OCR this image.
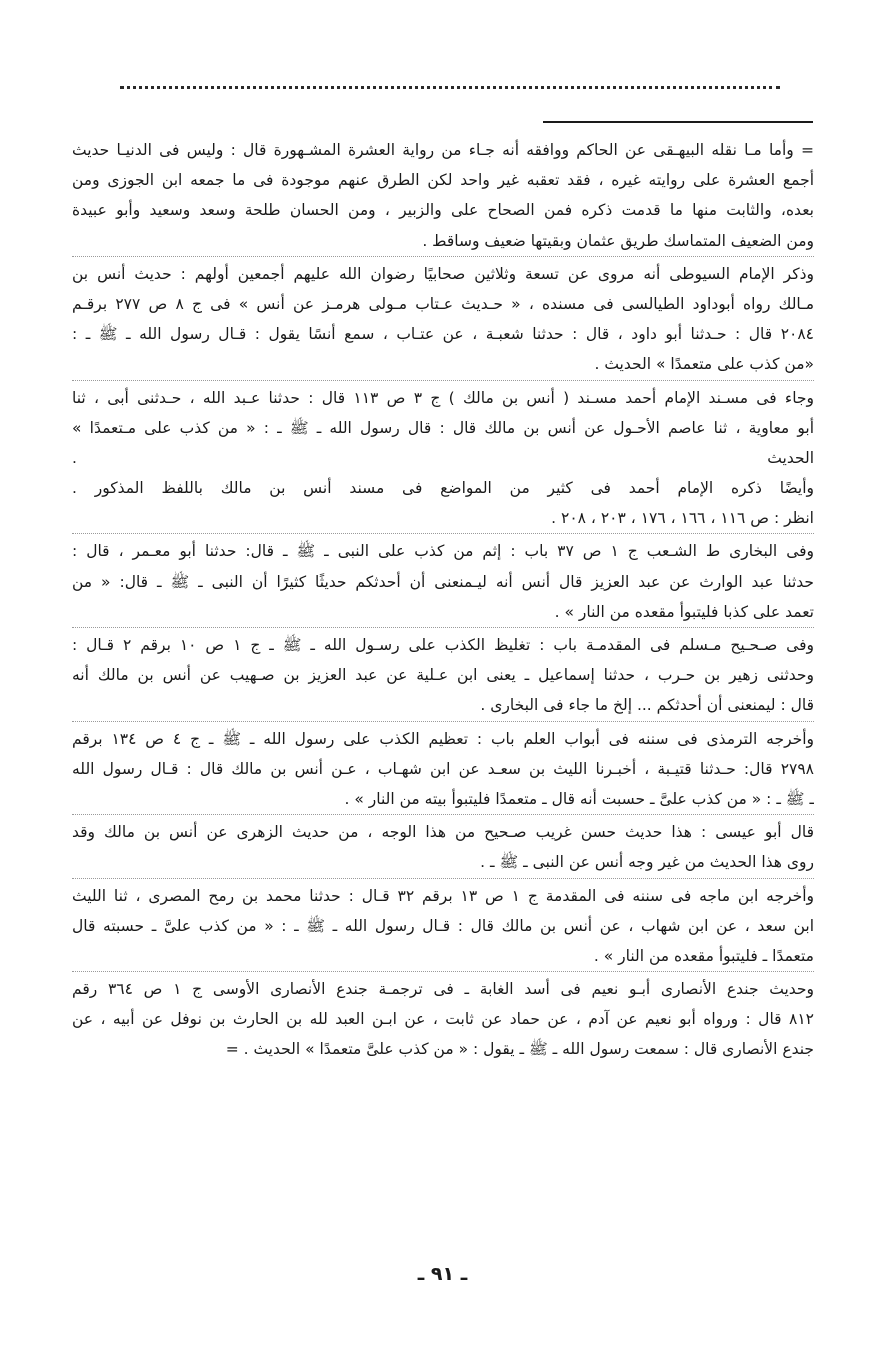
= وأما مـا نقله البيهـقى عن الحاكم ووافقه أنه جـاء من رواية العشرة المشـهورة قال : وليس فى الدنيـا حديث
أجمع العشرة على روايته غيره ، فقد تعقبه غير واحد لكن الطرق عنهم موجودة فى ما جمعه ابن الجوزى ومن
بعده، والثابت منها ما قدمت ذكره فمن الصحاح على والزبير ، ومن الحسان طلحة وسعد وسعيد وأبو عبيدة
ومن الضعيف المتماسك طريق عثمان وبقيتها ضعيف وساقط .
وذكر الإمام السيوطى أنه مروى عن تسعة وثلاثين صحابيًا رضوان الله عليهم أجمعين أولهم : حديث أنس بن
مـالك رواه أبوداود الطيالسى فى مسنده ، « حـديث عـتاب مـولى هرمـز عن أنس » فى ج ٨ ص ٢٧٧ برقـم
٢٠٨٤ قال : حـدثنا أبو داود ، قال : حدثنا شعبـة ، عن عتـاب ، سمع أنسًا يقول : قـال رسول الله ـ ﷺ ـ :
«من كذب على متعمدًا » الحديث .
وجاء فى مسـند الإمام أحمد مسـند ( أنس بن مالك ) ج ٣ ص ١١٣ قال : حدثنا عـبد الله ، حـدثنى أبى ، ثنا
أبو معاوية ، ثنا عاصم الأحـول عن أنس بن مالك قال : قال رسول الله ـ ﷺ ـ : « من كذب على مـتعمدًا »
الحديث .
وأيضًا ذكره الإمام أحمد فى كثير من المواضع فى مسند أنس بن مالك باللفظ المذكور .
انظر : ص ١١٦ ، ١٦٦ ، ١٧٦ ، ٢٠٣ ، ٢٠٨ .
وفى البخارى ط الشـعب ج ١ ص ٣٧ باب : إثم من كذب على النبى ـ ﷺ ـ قال: حدثنا أبو معـمر ، قال :
حدثنا عبد الوارث عن عبد العزيز قال أنس أنه ليـمنعنى أن أحدثكم حديثًا كثيرًا أن النبى ـ ﷺ ـ قال: « من
تعمد على كذبا فليتبوأ مقعده من النار » .
وفى صـحـيح مـسلم فى المقدمـة باب : تغليظ الكذب على رسـول الله ـ ﷺ ـ ج ١ ص ١٠ برقم ٢ قـال :
وحدثنى زهير بن حـرب ، حدثنا إسماعيل ـ يعنى ابن عـلية عن عبد العزيز بن صـهيب عن أنس بن مالك أنه
قال : ليمنعنى أن أحدثكم ... إلخ ما جاء فى البخارى .
وأخرجه الترمذى فى سننه فى أبواب العلم باب : تعظيم الكذب على رسول الله ـ ﷺ ـ ج ٤ ص ١٣٤ برقم
٢٧٩٨ قال: حـدثنا قتيـبة ، أخبـرنا الليث بن سعـد عن ابن شهـاب ، عـن أنس بن مالك قال : قـال رسول الله
ـ ﷺ ـ : « من كذب علىَّ ـ حسبت أنه قال ـ متعمدًا فليتبوأ بيته من النار » .
قال أبو عيسى : هذا حديث حسن غريب صـحيح من هذا الوجه ، من حديث الزهرى عن أنس بن مالك وقد
روى هذا الحديث من غير وجه أنس عن النبى ـ ﷺ ـ .
وأخرجه ابن ماجه فى سننه فى المقدمة ج ١ ص ١٣ برقم ٣٢ قـال : حدثنا محمد بن رمح المصرى ، ثنا الليث
ابن سعد ، عن ابن شهاب ، عن أنس بن مالك قال : قـال رسول الله ـ ﷺ ـ : « من كذب علىَّ ـ حسبته قال
متعمدًا ـ فليتبوأ مقعده من النار » .
وحديث جندع الأنصارى أبـو نعيم فى أسد الغابة ـ فى ترجمـة جندع الأنصارى الأوسى ج ١ ص ٣٦٤ رقم
٨١٢ قال : ورواه أبو نعيم عن آدم ، عن حماد عن ثابت ، عن ابـن العبد لله بن الحارث بن نوفل عن أبيه ، عن
جندع الأنصارى قال : سمعت رسول الله ـ ﷺ ـ يقول : « من كذب علىَّ متعمدًا » الحديث . =
ـ ٩١ ـ
